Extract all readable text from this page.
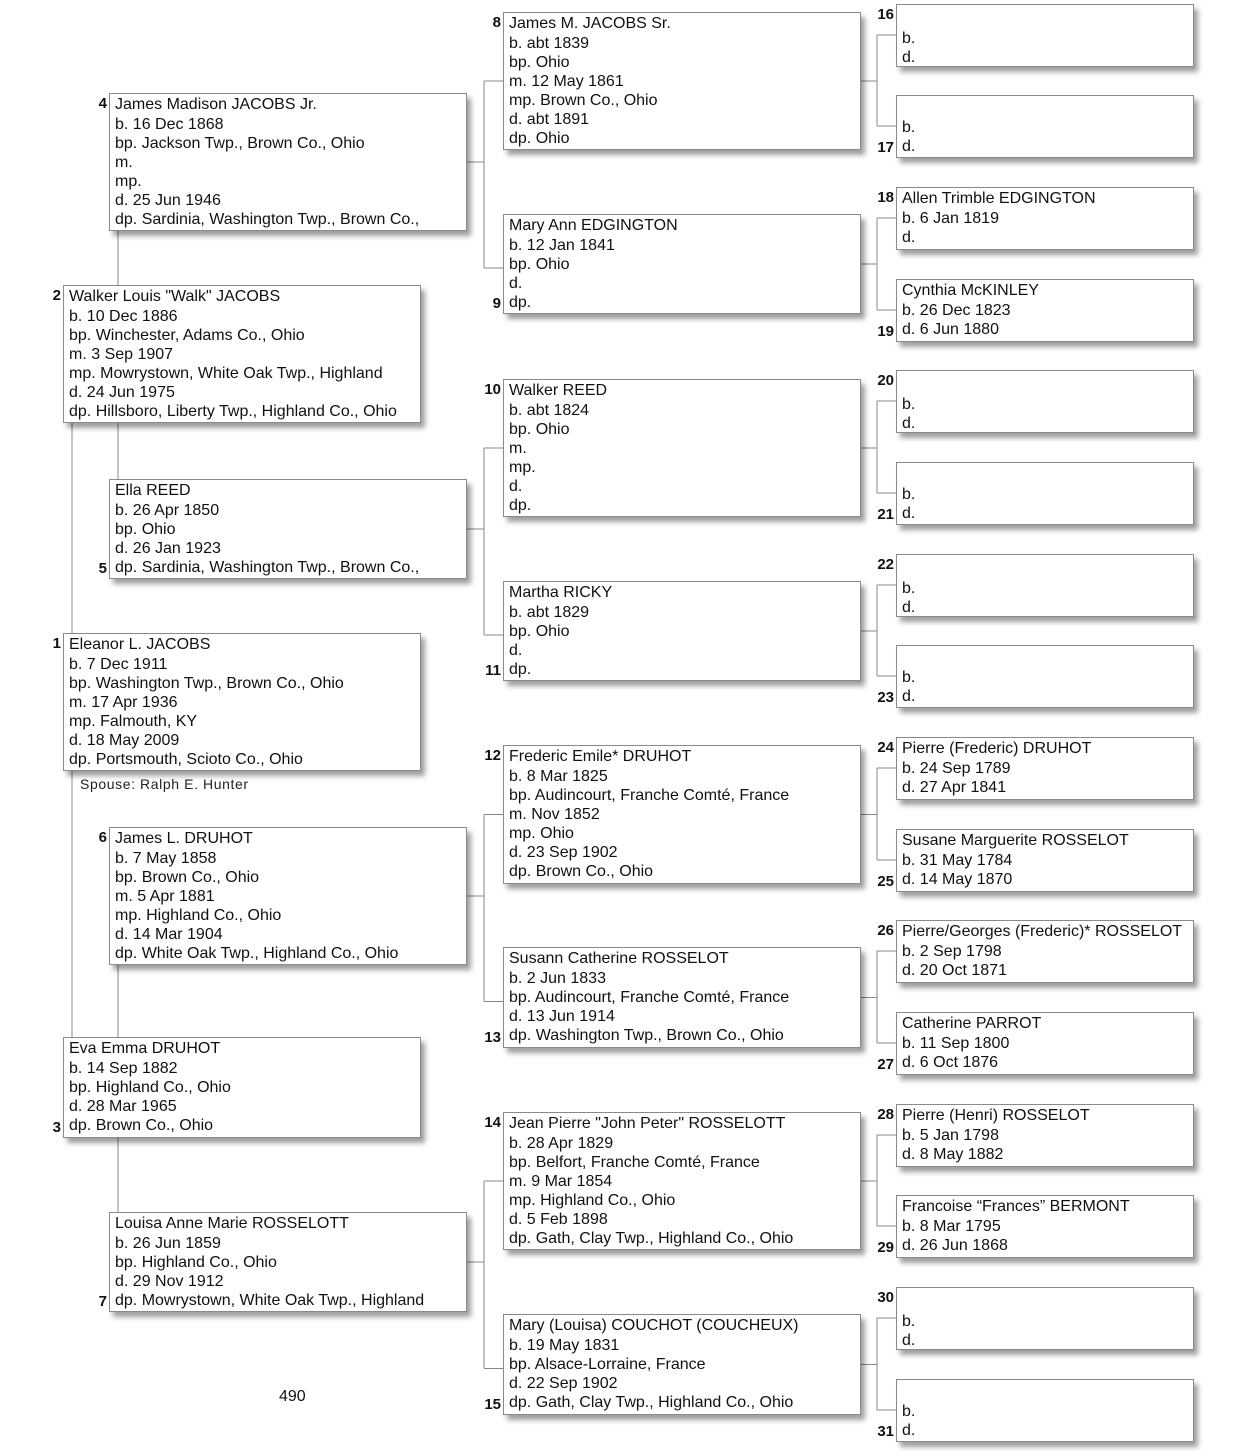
Eleanor L. JACOBS
b. 7 Dec 1911
bp. Washington Twp., Brown Co., Ohio
m. 17 Apr 1936
mp. Falmouth, KY
d. 18 May 2009
dp. Portsmouth, Scioto Co., Ohio
1
Walker Louis "Walk" JACOBS
b. 10 Dec 1886
bp. Winchester, Adams Co., Ohio
m. 3 Sep 1907
mp. Mowrystown, White Oak Twp., Highland
d. 24 Jun 1975
dp. Hillsboro, Liberty Twp., Highland Co., Ohio
2
Eva Emma DRUHOT
b. 14 Sep 1882
bp. Highland Co., Ohio
d. 28 Mar 1965
dp. Brown Co., Ohio
3
James Madison JACOBS Jr.
b. 16 Dec 1868
bp. Jackson Twp., Brown Co., Ohio
m.
mp.
d. 25 Jun 1946
dp. Sardinia, Washington Twp., Brown Co.,
4
Ella REED
b. 26 Apr 1850
bp. Ohio
d. 26 Jan 1923
dp. Sardinia, Washington Twp., Brown Co.,
5
James L. DRUHOT
b. 7 May 1858
bp. Brown Co., Ohio
m. 5 Apr 1881
mp. Highland Co., Ohio
d. 14 Mar 1904
dp. White Oak Twp., Highland Co., Ohio
6
Louisa Anne Marie ROSSELOTT
b. 26 Jun 1859
bp. Highland Co., Ohio
d. 29 Nov 1912
dp. Mowrystown, White Oak Twp., Highland
7
James M. JACOBS Sr.
b. abt 1839
bp. Ohio
m. 12 May 1861
mp. Brown Co., Ohio
d. abt 1891
dp. Ohio
8
Mary Ann EDGINGTON
b. 12 Jan 1841
bp. Ohio
d.
dp.
9
Walker REED
b. abt 1824
bp. Ohio
m.
mp.
d.
dp.
10
Martha RICKY
b. abt 1829
bp. Ohio
d.
dp.
11
Frederic Emile* DRUHOT
b. 8 Mar 1825
bp. Audincourt, Franche Comté, France
m. Nov 1852
mp. Ohio
d. 23 Sep 1902
dp. Brown Co., Ohio
12
Susann Catherine ROSSELOT
b. 2 Jun 1833
bp. Audincourt, Franche Comté, France
d. 13 Jun 1914
dp. Washington Twp., Brown Co., Ohio
13
Jean Pierre "John Peter" ROSSELOTT
b. 28 Apr 1829
bp. Belfort, Franche Comté, France
m. 9 Mar 1854
mp. Highland Co., Ohio
d. 5 Feb 1898
dp. Gath, Clay Twp., Highland Co., Ohio
14
Mary (Louisa) COUCHOT (COUCHEUX)
b. 19 May 1831
bp. Alsace-Lorraine, France
d. 22 Sep 1902
dp. Gath, Clay Twp., Highland Co., Ohio
15
b.
d.
16
b.
d.
17
Allen Trimble EDGINGTON
b. 6 Jan 1819
d.
18
Cynthia McKINLEY
b. 26 Dec 1823
d. 6 Jun 1880
19
b.
d.
20
b.
d.
21
b.
d.
22
b.
d.
23
Pierre (Frederic) DRUHOT
b. 24 Sep 1789
d. 27 Apr 1841
24
Susane Marguerite ROSSELOT
b. 31 May 1784
d. 14 May 1870
25
Pierre/Georges (Frederic)* ROSSELOT
b. 2 Sep 1798
d. 20 Oct 1871
26
Catherine PARROT
b. 11 Sep 1800
d. 6 Oct 1876
27
Pierre (Henri) ROSSELOT
b. 5 Jan 1798
d. 8 May 1882
28
Francoise “Frances” BERMONT
b. 8 Mar 1795
d. 26 Jun 1868
29
b.
d.
30
b.
d.
31
Spouse: Ralph E. Hunter
490
